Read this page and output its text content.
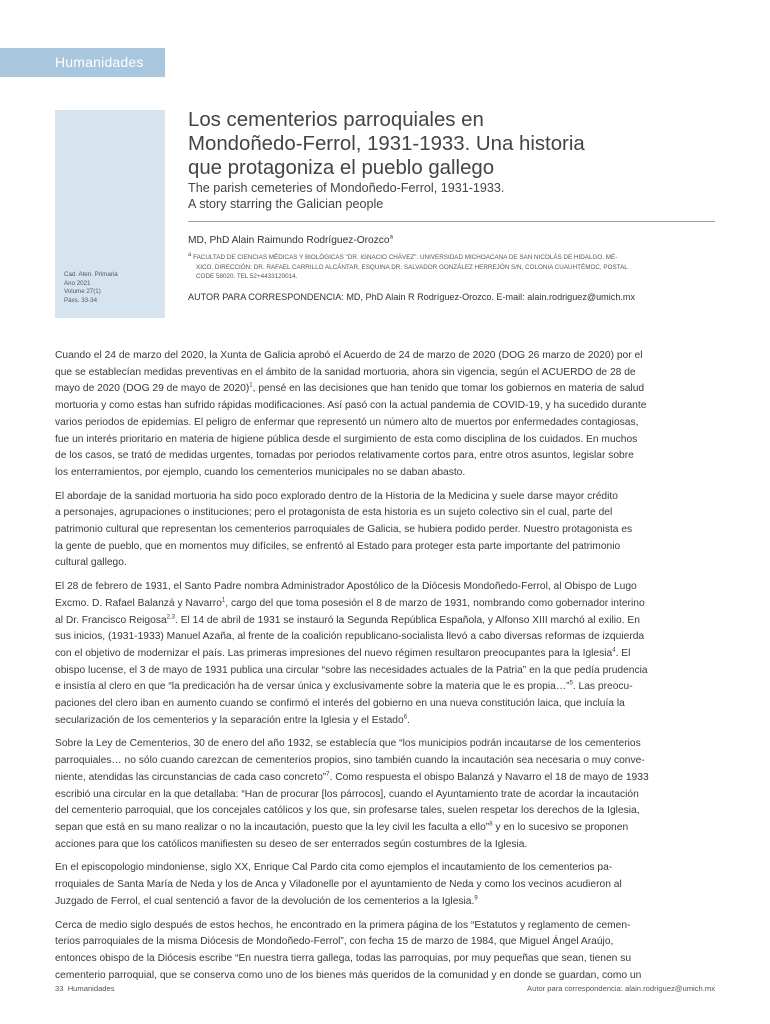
Humanidades
Cad. Aten. Primaria
Ano 2021
Volume 27(1)
Páxs. 33-34
Los cementerios parroquiales en
Mondoñedo-Ferrol, 1931-1933. Una historia
que protagoniza el pueblo gallego
The parish cemeteries of Mondoñedo-Ferrol, 1931-1933.
A story starring the Galician people
MD, PhD Alain Raimundo Rodríguez-Orozco$^a$
$^a$ FACULTAD DE CIENCIAS MÉDICAS Y BIOLÓGICAS "DR. IGNACIO CHÁVEZ". UNIVERSIDAD MICHOACANA DE SAN NICOLÁS DE HIDALGO. MÉ-
XICO. DIRECCIÓN: DR. RAFAEL CARRILLO ALCÁNTAR, ESQUINA DR. SALVADOR GONZÁLEZ HERREJÓN S/N, COLONIA CUAUHTÉMOC, POSTAL
CODE 58020. TEL 52+4433120014.
AUTOR PARA CORRESPONDENCIA: MD, PhD Alain R Rodríguez-Orozco. E-mail: alain.rodriguez@umich.mx

Cuando el 24 de marzo del 2020, la Xunta de Galicia aprobó el Acuerdo de 24 de marzo de 2020 (DOG 26 marzo de 2020) por el
que se establecían medidas preventivas en el ámbito de la sanidad mortuoria, ahora sin vigencia, según el ACUERDO de 28 de
mayo de 2020 (DOG 29 de mayo de 2020)$^1$, pensé en las decisiones que han tenido que tomar los gobiernos en materia de salud
mortuoria y como estas han sufrido rápidas modificaciones. Así pasó con la actual pandemia de COVID-19, y ha sucedido durante
varios periodos de epidemias. El peligro de enfermar que representó un número alto de muertos por enfermedades contagiosas,
fue un interés prioritario en materia de higiene pública desde el surgimiento de esta como disciplina de los cuidados. En muchos
de los casos, se trató de medidas urgentes, tomadas por periodos relativamente cortos para, entre otros asuntos, legislar sobre
los enterramientos, por ejemplo, cuando los cementerios municipales no se daban abasto.

El abordaje de la sanidad mortuoria ha sido poco explorado dentro de la Historia de la Medicina y suele darse mayor crédito
a personajes, agrupaciones o instituciones; pero el protagonista de esta historia es un sujeto colectivo sin el cual, parte del
patrimonio cultural que representan los cementerios parroquiales de Galicia, se hubiera podido perder. Nuestro protagonista es
la gente de pueblo, que en momentos muy difíciles, se enfrentó al Estado para proteger esta parte importante del patrimonio
cultural gallego.

El 28 de febrero de 1931, el Santo Padre nombra Administrador Apostólico de la Diócesis Mondoñedo-Ferrol, al Obispo de Lugo
Excmo. D. Rafael Balanzá y Navarro$^1$, cargo del que toma posesión el 8 de marzo de 1931, nombrando como gobernador interino
al Dr. Francisco Reigosa$^{2,3}$. El 14 de abril de 1931 se instauró la Segunda República Española, y Alfonso XIII marchó al exilio. En
sus inicios, (1931-1933) Manuel Azaña, al frente de la coalición republicano-socialista llevó a cabo diversas reformas de izquierda
con el objetivo de modernizar el país. Las primeras impresiones del nuevo régimen resultaron preocupantes para la Iglesia$^4$. El
obispo lucense, el 3 de mayo de 1931 publica una circular “sobre las necesidades actuales de la Patria” en la que pedía prudencia
e insistía al clero en que “la predicación ha de versar única y exclusivamente sobre la materia que le es propia…”$^5$. Las preocu-
paciones del clero iban en aumento cuando se confirmó el interés del gobierno en una nueva constitución laica, que incluía la
secularización de los cementerios y la separación entre la Iglesia y el Estado$^6$.

Sobre la Ley de Cementerios, 30 de enero del año 1932, se establecía que “los municipios podrán incautarse de los cementerios
parroquiales… no sólo cuando carezcan de cementerios propios, sino también cuando la incautación sea necesaria o muy conve-
niente, atendidas las circunstancias de cada caso concreto”$^7$. Como respuesta el obispo Balanzá y Navarro el 18 de mayo de 1933
escribió una circular en la que detallaba: “Han de procurar [los párrocos], cuando el Ayuntamiento trate de acordar la incautación
del cementerio parroquial, que los concejales católicos y los que, sin profesarse tales, suelen respetar los derechos de la Iglesia,
sepan que está en su mano realizar o no la incautación, puesto que la ley civil les faculta a ello”$^8$ y en lo sucesivo se proponen
acciones para que los católicos manifiesten su deseo de ser enterrados según costumbres de la Iglesia.

En el episcopologio mindoniense, siglo XX, Enrique Cal Pardo cita como ejemplos el incautamiento de los cementerios pa-
rroquiales de Santa María de Neda y los de Anca y Viladonelle por el ayuntamiento de Neda y como los vecinos acudieron al
Juzgado de Ferrol, el cual sentenció a favor de la devolución de los cementerios a la Iglesia.$^9$

Cerca de medio siglo después de estos hechos, he encontrado en la primera página de los “Estatutos y reglamento de cemen-
terios parroquiales de la misma Diócesis de Mondoñedo-Ferrol”, con fecha 15 de marzo de 1984, que Miguel Ángel Araújo,
entonces obispo de la Diócesis escribe “En nuestra tierra gallega, todas las parroquias, por muy pequeñas que sean, tienen su
cementerio parroquial, que se conserva como uno de los bienes más queridos de la comunidad y en donde se guardan, como un

33 Humanidades	Autor para correspondencia: alain.rodriguez@umich.mx
